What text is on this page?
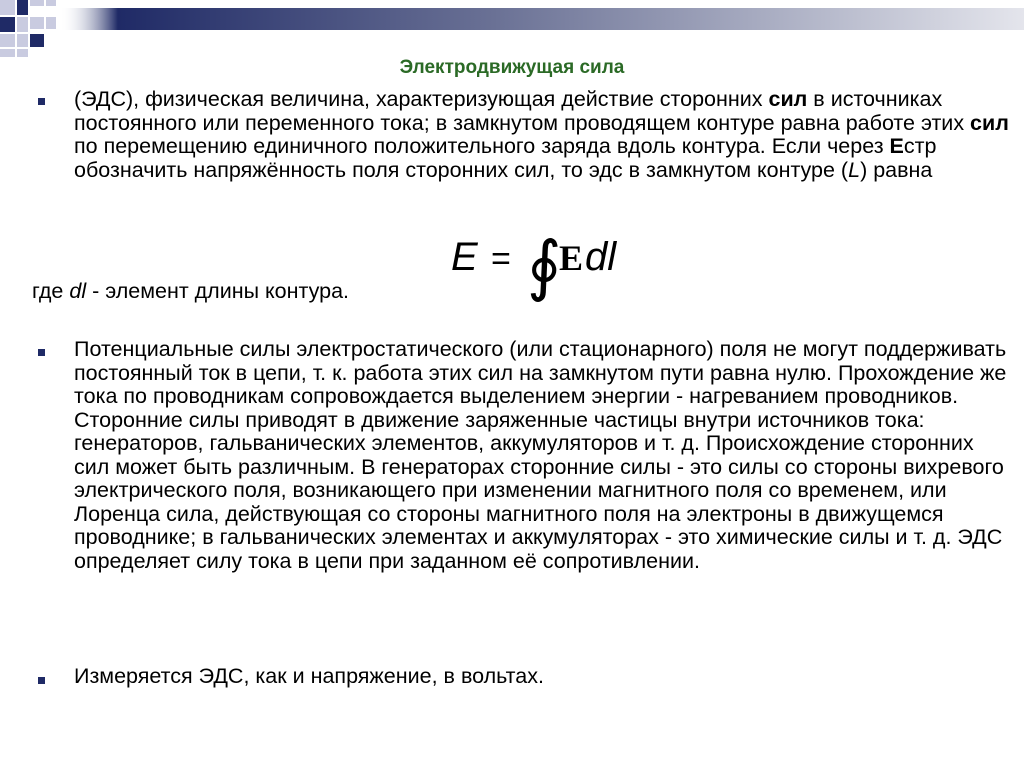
Электродвижущая сила
(ЭДС), физическая величина, характеризующая действие сторонних сил в источниках постоянного или переменного тока; в замкнутом проводящем контуре равна работе этих сил по перемещению единичного положительного заряда вдоль контура. Если через Естр обозначить напряжённость поля сторонних сил, то эдс в замкнутом контуре (L) равна
E = ∮
E dl
где dl - элемент длины контура.
Потенциальные силы электростатического (или стационарного) поля не могут поддерживать постоянный ток в цепи, т. к. работа этих сил на замкнутом пути равна нулю. Прохождение же тока по проводникам сопровождается выделением энергии - нагреванием проводников. Сторонние силы приводят в движение заряженные частицы внутри источников тока: генераторов, гальванических элементов, аккумуляторов и т. д. Происхождение сторонних сил может быть различным. В генераторах сторонние силы - это силы со стороны вихревого электрического поля, возникающего при изменении магнитного поля со временем, или Лоренца сила, действующая со стороны магнитного поля на электроны в движущемся проводнике; в гальванических элементах и аккумуляторах - это химические силы и т. д. ЭДС определяет силу тока в цепи при заданном её сопротивлении.
Измеряется ЭДС, как и напряжение, в вольтах.
